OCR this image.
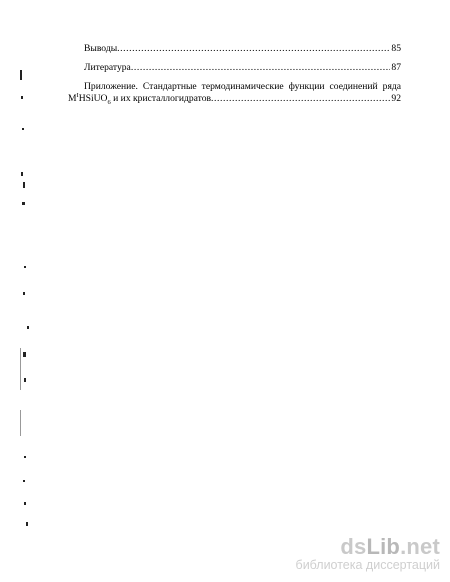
Выводы .....	85
Литература .....	87
Приложение. Стандартные термодинамические функции соединений ряда
$M^IHSiUO_6$ и их кристаллогидратов .....	92
dsLib.net
библиотека диссертаций
